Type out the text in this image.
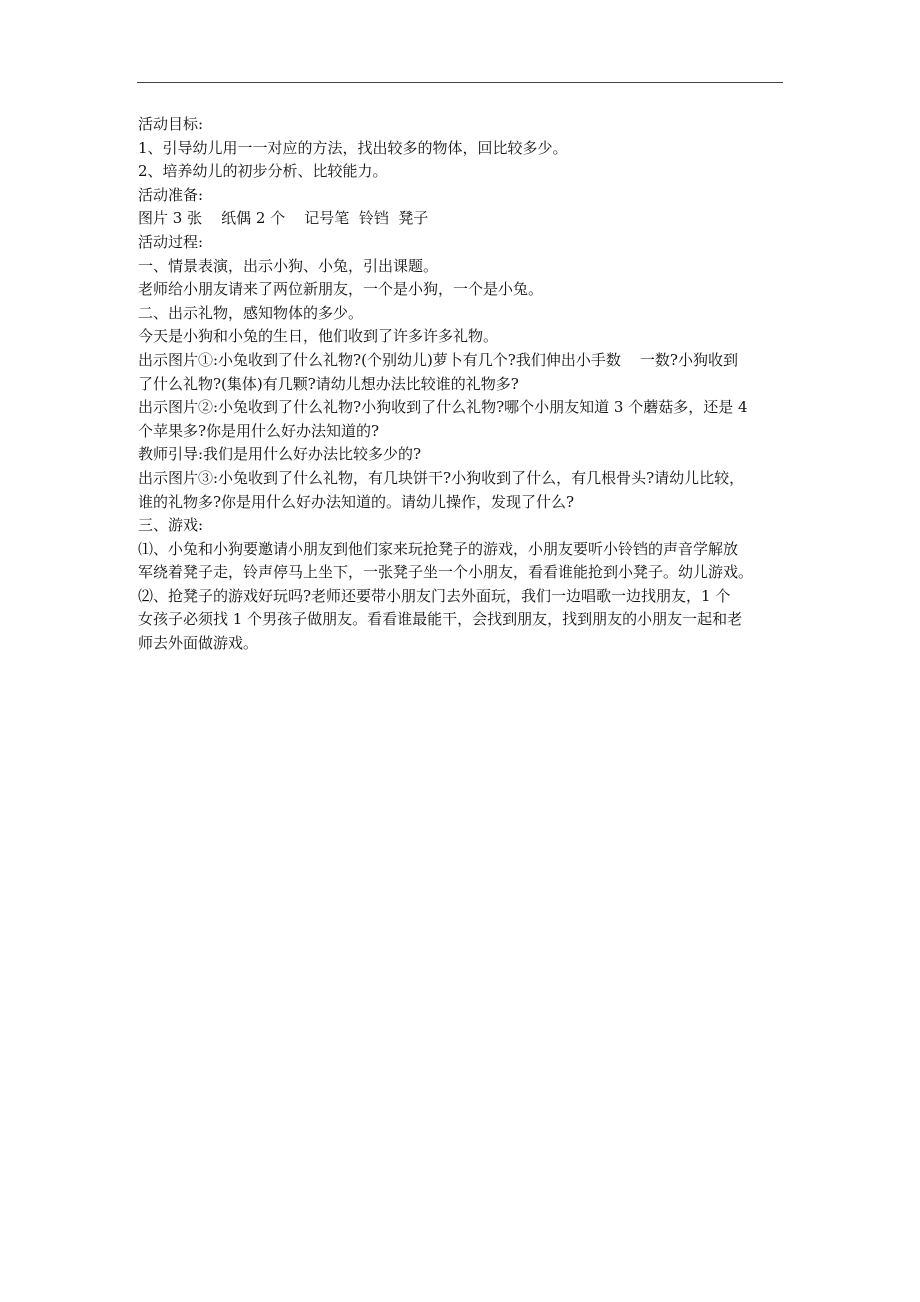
活动目标:

1、引导幼儿用一一对应的方法，找出较多的物体，回比较多少。

2、培养幼儿的初步分析、比较能力。

活动准备:

图片 3 张    纸偶 2 个    记号笔  铃铛  凳子

活动过程:

一、情景表演，出示小狗、小兔，引出课题。

老师给小朋友请来了两位新朋友，一个是小狗，一个是小兔。

二、出示礼物，感知物体的多少。

今天是小狗和小兔的生日，他们收到了许多许多礼物。

出示图片①:小兔收到了什么礼物?(个别幼儿)萝卜有几个?我们伸出小手数    一数?小狗收到

了什么礼物?(集体)有几颗?请幼儿想办法比较谁的礼物多?

出示图片②:小兔收到了什么礼物?小狗收到了什么礼物?哪个小朋友知道 3 个蘑菇多，还是 4

个苹果多?你是用什么好办法知道的?

教师引导:我们是用什么好办法比较多少的?

出示图片③:小兔收到了什么礼物，有几块饼干?小狗收到了什么，有几根骨头?请幼儿比较，

谁的礼物多?你是用什么好办法知道的。请幼儿操作，发现了什么?

三、游戏:

⑴、小兔和小狗要邀请小朋友到他们家来玩抢凳子的游戏，小朋友要听小铃铛的声音学解放

军绕着凳子走，铃声停马上坐下，一张凳子坐一个小朋友，看看谁能抢到小凳子。幼儿游戏。

⑵、抢凳子的游戏好玩吗?老师还要带小朋友门去外面玩，我们一边唱歌一边找朋友，1 个

女孩子必须找 1 个男孩子做朋友。看看谁最能干，会找到朋友，找到朋友的小朋友一起和老

师去外面做游戏。
